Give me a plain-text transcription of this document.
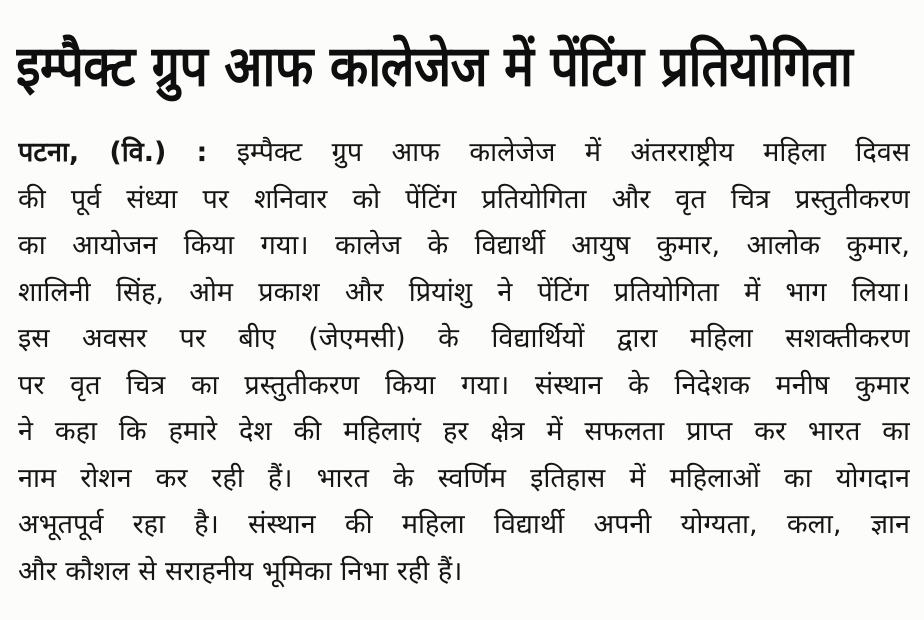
इम्पैक्ट ग्रुप आफ कालेजेज में पेंटिंग प्रतियोगिता
पटना, (वि.) : इम्पैक्ट ग्रुप आफ कालेजेज में अंतरराष्ट्रीय महिला दिवस
की पूर्व संध्या पर शनिवार को पेंटिंग प्रतियोगिता और वृत चित्र प्रस्तुतीकरण
का आयोजन किया गया। कालेज के विद्यार्थी आयुष कुमार, आलोक कुमार,
शालिनी सिंह, ओम प्रकाश और प्रियांशु ने पेंटिंग प्रतियोगिता में भाग लिया।
इस अवसर पर बीए (जेएमसी) के विद्यार्थियों द्वारा महिला सशक्तीकरण
पर वृत चित्र का प्रस्तुतीकरण किया गया। संस्थान के निदेशक मनीष कुमार
ने कहा कि हमारे देश की महिलाएं हर क्षेत्र में सफलता प्राप्त कर भारत का
नाम रोशन कर रही हैं। भारत के स्वर्णिम इतिहास में महिलाओं का योगदान
अभूतपूर्व रहा है। संस्थान की महिला विद्यार्थी अपनी योग्यता, कला, ज्ञान
और कौशल से सराहनीय भूमिका निभा रही हैं।
